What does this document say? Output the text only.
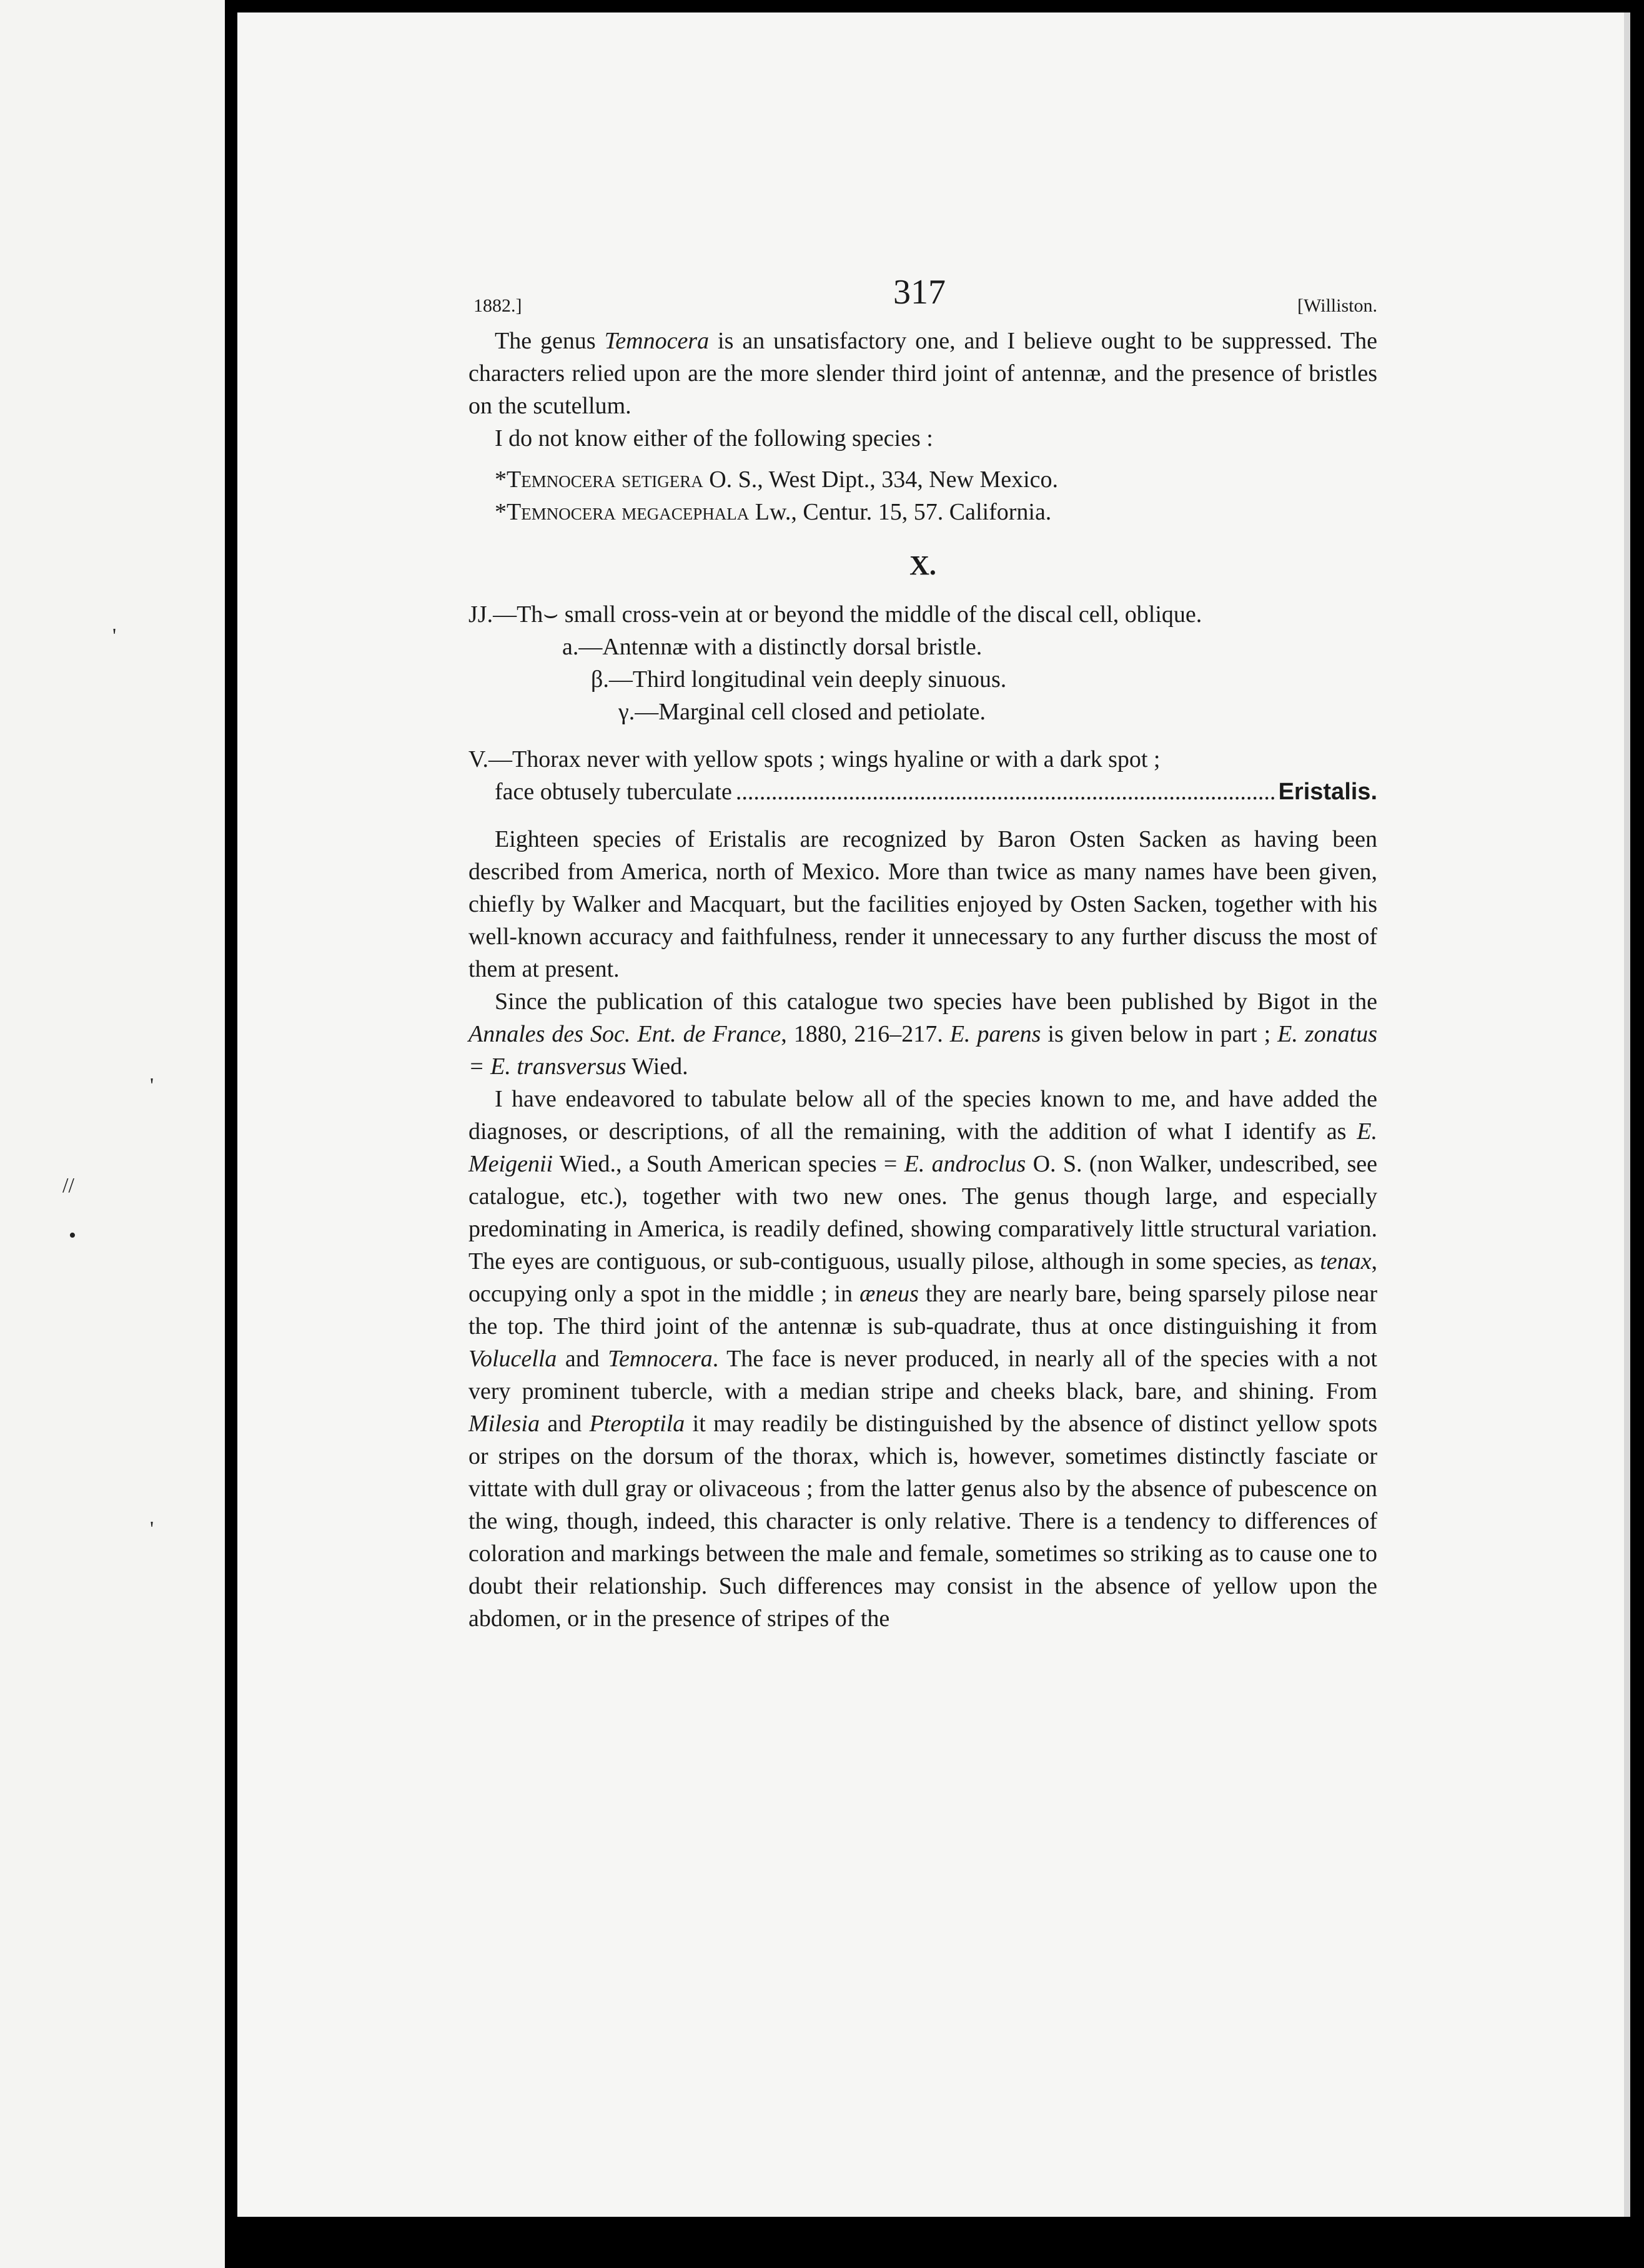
'
'
//
•
'
1882.]	317	[Williston.

The genus Temnocera is an unsatisfactory one, and I believe ought to be suppressed. The characters relied upon are the more slender third joint of antennæ, and the presence of bristles on the scutellum.

I do not know either of the following species :

*Temnocera setigera O. S., West Dipt., 334, New Mexico.

*Temnocera megacephala Lw., Centur. 15, 57. California.

X.

JJ.—Th⌣ small cross-vein at or beyond the middle of the discal cell, oblique.

a.—Antennæ with a distinctly dorsal bristle.

β.—Third longitudinal vein deeply sinuous.

γ.—Marginal cell closed and petiolate.

V.—Thorax never with yellow spots ; wings hyaline or with a dark spot ;

face obtusely tuberculate
.....	Eristalis.

Eighteen species of Eristalis are recognized by Baron Osten Sacken as having been described from America, north of Mexico. More than twice as many names have been given, chiefly by Walker and Macquart, but the facilities enjoyed by Osten Sacken, together with his well-known accuracy and faithfulness, render it unnecessary to any further discuss the most of them at present.

Since the publication of this catalogue two species have been published by Bigot in the Annales des Soc. Ent. de France, 1880, 216–217. E. parens is given below in part ; E. zonatus = E. transversus Wied.

I have endeavored to tabulate below all of the species known to me, and have added the diagnoses, or descriptions, of all the remaining, with the addition of what I identify as E. Meigenii Wied., a South American species = E. androclus O. S. (non Walker, undescribed, see catalogue, etc.), together with two new ones. The genus though large, and especially predominating in America, is readily defined, showing comparatively little structural variation. The eyes are contiguous, or sub-contiguous, usually pilose, although in some species, as tenax, occupying only a spot in the middle ; in æneus they are nearly bare, being sparsely pilose near the top. The third joint of the antennæ is sub-quadrate, thus at once distinguishing it from Volucella and Temnocera. The face is never produced, in nearly all of the species with a not very prominent tubercle, with a median stripe and cheeks black, bare, and shining. From Milesia and Pteroptila it may readily be distinguished by the absence of distinct yellow spots or stripes on the dorsum of the thorax, which is, however, sometimes distinctly fasciate or vittate with dull gray or olivaceous ; from the latter genus also by the absence of pubescence on the wing, though, indeed, this character is only relative. There is a tendency to differences of coloration and markings between the male and female, sometimes so striking as to cause one to doubt their relationship. Such differences may consist in the absence of yellow upon the abdomen, or in the presence of stripes of the
